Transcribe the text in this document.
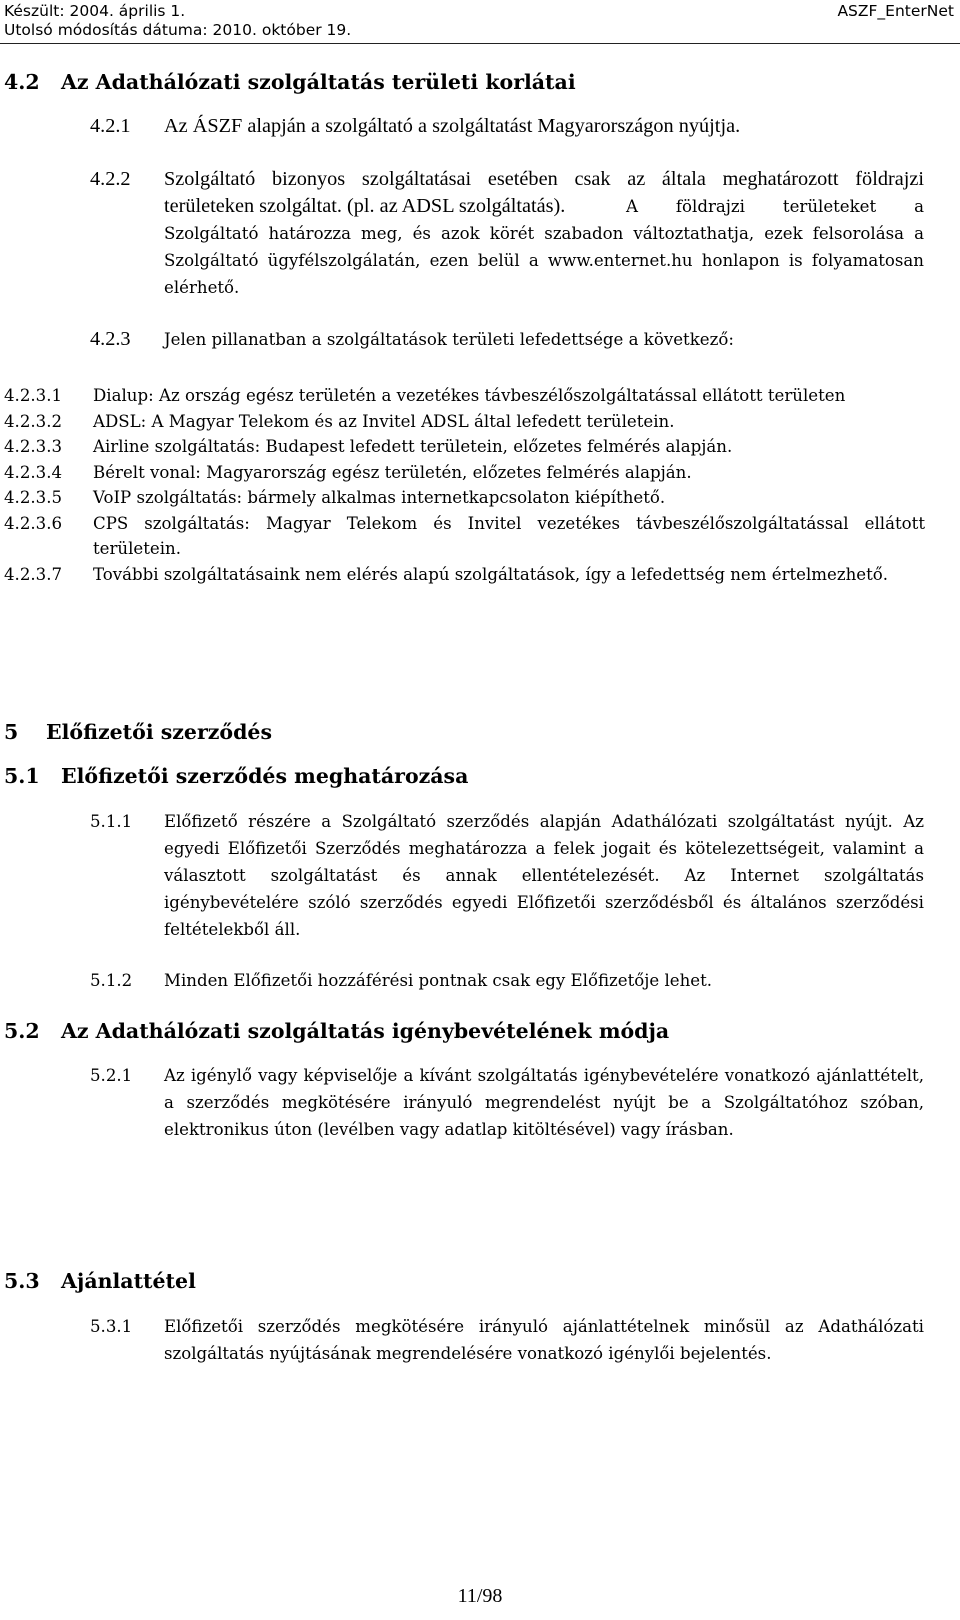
Készült: 2004. április 1.
Utolsó módosítás dátuma: 2010. október 19.
ASZF_EnterNet
4.2 Az Adathálózati szolgáltatás területi korlátai
4.2.1 Az ÁSZF alapján a szolgáltató a szolgáltatást Magyarországon nyújtja.
4.2.2 Szolgáltató bizonyos szolgáltatásai esetében csak az általa meghatározott földrajzi területeken szolgáltat. (pl. az ADSL szolgáltatás).	A földrajzi területeket a Szolgáltató határozza meg, és azok körét szabadon változtathatja, ezek felsorolása a Szolgáltató ügyfélszolgálatán, ezen belül a www.enternet.hu honlapon is folyamatosan elérhető.

4.2.3 Jelen pillanatban a szolgáltatások területi lefedettsége a következő:
4.2.3.1 Dialup: Az ország egész területén a vezetékes távbeszélőszolgáltatással ellátott területen
4.2.3.2 ADSL: A Magyar Telekom és az Invitel ADSL által lefedett területein.
4.2.3.3 Airline szolgáltatás: Budapest lefedett területein, előzetes felmérés alapján.
4.2.3.4 Bérelt vonal: Magyarország egész területén, előzetes felmérés alapján.
4.2.3.5 VoIP szolgáltatás: bármely alkalmas internetkapcsolaton kiépíthető.
4.2.3.6 CPS szolgáltatás: Magyar Telekom és Invitel vezetékes távbeszélőszolgáltatással ellátott területein.
4.2.3.7 További szolgáltatásaink nem elérés alapú szolgáltatások, így a lefedettség nem értelmezhető.
5 Előfizetői szerződés
5.1 Előfizetői szerződés meghatározása
5.1.1 Előfizető részére a Szolgáltató szerződés alapján Adathálózati szolgáltatást nyújt. Az egyedi Előfizetői Szerződés meghatározza a felek jogait és kötelezettségeit, valamint a választott szolgáltatást és annak ellentételezését. Az Internet szolgáltatás igénybevételére szóló szerződés egyedi Előfizetői szerződésből és általános szerződési feltételekből áll.

5.1.2 Minden Előfizetői hozzáférési pontnak csak egy Előfizetője lehet.
5.2 Az Adathálózati szolgáltatás igénybevételének módja
5.2.1 Az igénylő vagy képviselője a kívánt szolgáltatás igénybevételére vonatkozó ajánlattételt, a szerződés megkötésére irányuló megrendelést nyújt be a Szolgáltatóhoz szóban, elektronikus úton (levélben vagy adatlap kitöltésével) vagy írásban.

5.3 Ajánlattétel
5.3.1 Előfizetői szerződés megkötésére irányuló ajánlattételnek minősül az Adathálózati szolgáltatás nyújtásának megrendelésére vonatkozó igénylői bejelentés.

11/98
